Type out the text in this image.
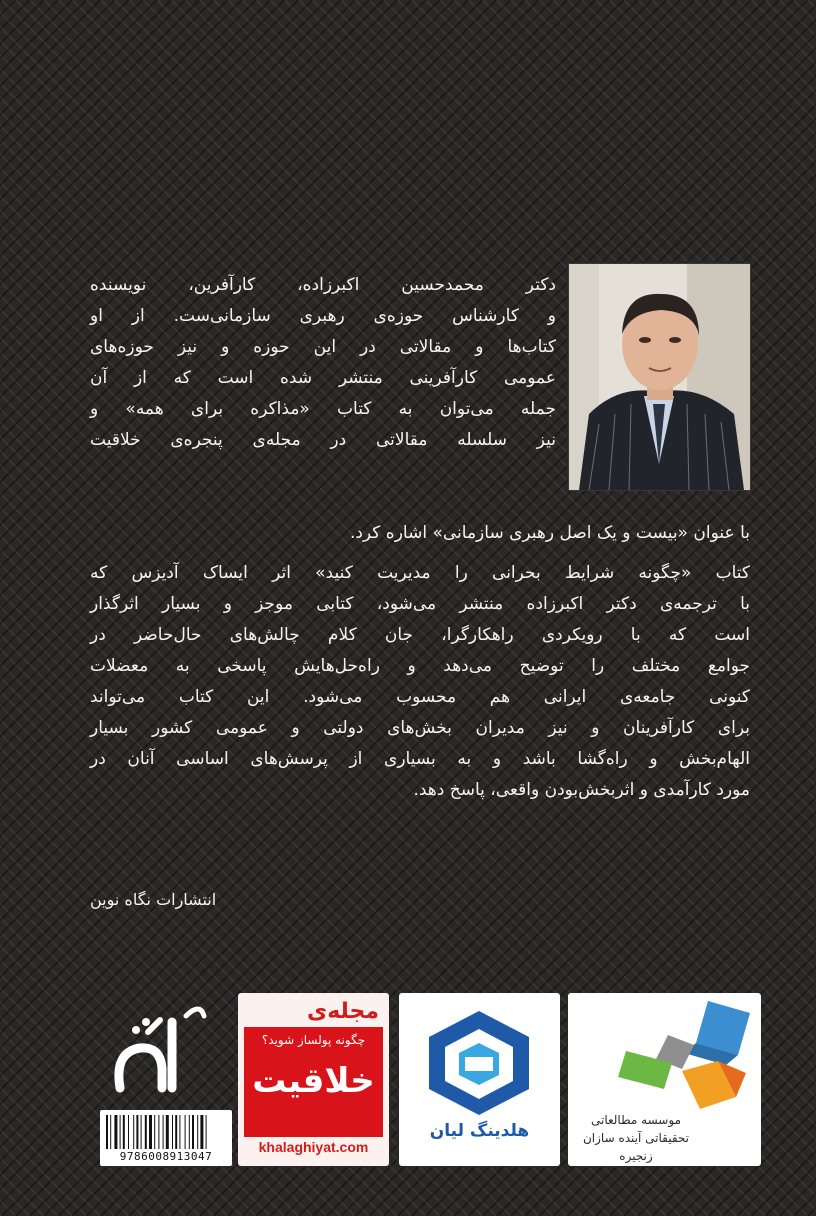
دکتر محمدحسین اکبرزاده، کارآفرین، نویسنده
و کارشناس حوزه‌ی رهبری سازمانی‌ست. از او
کتاب‌ها و مقالاتی در این حوزه و نیز حوزه‌های
عمومی کارآفرینی منتشر شده است که از آن
جمله می‌توان به کتاب «مذاکره برای همه» و
نیز سلسله مقالاتی در مجله‌ی پنجره‌ی خلاقیت
با عنوان «بیست و یک اصل رهبری سازمانی» اشاره کرد.
کتاب «چگونه شرایط بحرانی را مدیریت کنید» اثر ایساک آدیزس که
با ترجمه‌ی دکتر اکبرزاده منتشر می‌شود، کتابی موجز و بسیار اثرگذار
است که با رویکردی راهکارگرا، جان کلام چالش‌های حال‌حاضر در
جوامع مختلف را توضیح می‌دهد و راه‌حل‌هایش پاسخی به معضلات
کنونی جامعه‌ی ایرانی هم محسوب می‌شود. این کتاب می‌تواند
برای کارآفرینان و نیز مدیران بخش‌های دولتی و عمومی کشور بسیار
الهام‌بخش و راه‌گشا باشد و به بسیاری از پرسش‌های اساسی آنان در
مورد کارآمدی و اثربخش‌بودن واقعی، پاسخ دهد.
انتشارات نگاه نوین
موسسه مطالعاتی تحقیقاتی آینده سازان زنجیره
هلدینگ لیان
مجله‌ی
چگونه پولساز شوید؟
خلاقیت
khalaghiyat.com
9786008913047
